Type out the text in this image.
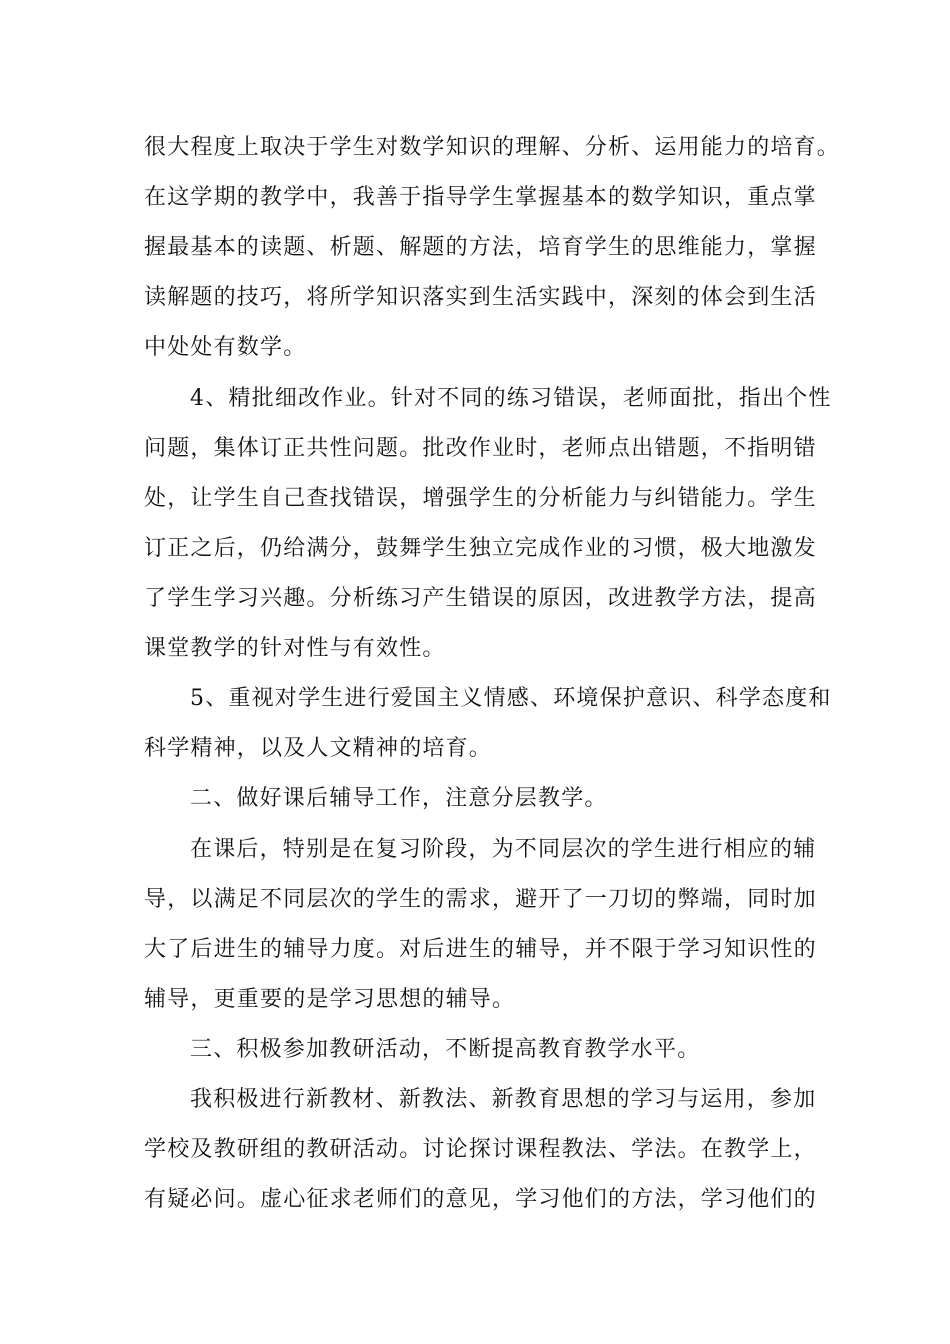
很大程度上取决于学生对数学知识的理解、分析、运用能力的培育。
在这学期的教学中，我善于指导学生掌握基本的数学知识，重点掌
握最基本的读题、析题、解题的方法，培育学生的思维能力，掌握
读解题的技巧，将所学知识落实到生活实践中，深刻的体会到生活
中处处有数学。
4、精批细改作业。针对不同的练习错误，老师面批，指出个性
问题，集体订正共性问题。批改作业时，老师点出错题，不指明错
处，让学生自己查找错误，增强学生的分析能力与纠错能力。学生
订正之后，仍给满分，鼓舞学生独立完成作业的习惯，极大地激发
了学生学习兴趣。分析练习产生错误的原因，改进教学方法，提高
课堂教学的针对性与有效性。
5、重视对学生进行爱国主义情感、环境保护意识、科学态度和
科学精神，以及人文精神的培育。
二、做好课后辅导工作，注意分层教学。
在课后，特别是在复习阶段，为不同层次的学生进行相应的辅
导，以满足不同层次的学生的需求，避开了一刀切的弊端，同时加
大了后进生的辅导力度。对后进生的辅导，并不限于学习知识性的
辅导，更重要的是学习思想的辅导。
三、积极参加教研活动，不断提高教育教学水平。
我积极进行新教材、新教法、新教育思想的学习与运用，参加
学校及教研组的教研活动。讨论探讨课程教法、学法。在教学上，
有疑必问。虚心征求老师们的意见，学习他们的方法，学习他们的
